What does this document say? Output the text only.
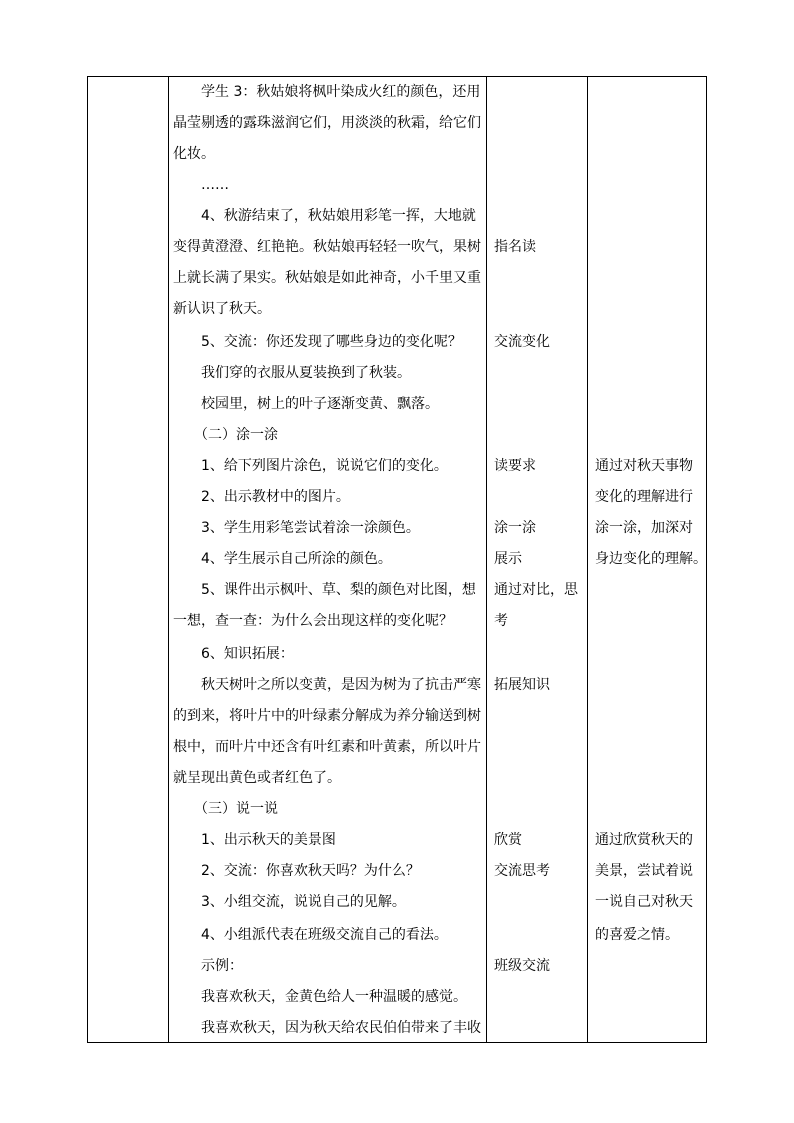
学生 3：秋姑娘将枫叶染成火红的颜色，还用
晶莹剔透的露珠滋润它们，用淡淡的秋霜，给它们
化妆。
……
4、秋游结束了，秋姑娘用彩笔一挥，大地就
变得黄澄澄、红艳艳。秋姑娘再轻轻一吹气，果树
上就长满了果实。秋姑娘是如此神奇，小千里又重
新认识了秋天。
5、交流：你还发现了哪些身边的变化呢？
我们穿的衣服从夏装换到了秋装。
校园里，树上的叶子逐渐变黄、飘落。
（二）涂一涂
1、给下列图片涂色，说说它们的变化。
2、出示教材中的图片。
3、学生用彩笔尝试着涂一涂颜色。
4、学生展示自己所涂的颜色。
5、课件出示枫叶、草、梨的颜色对比图，想
一想，查一查：为什么会出现这样的变化呢？
6、知识拓展：
秋天树叶之所以变黄，是因为树为了抗击严寒
的到来，将叶片中的叶绿素分解成为养分输送到树
根中，而叶片中还含有叶红素和叶黄素，所以叶片
就呈现出黄色或者红色了。
（三）说一说
1、出示秋天的美景图
2、交流：你喜欢秋天吗？为什么？
3、小组交流，说说自己的见解。
4、小组派代表在班级交流自己的看法。
示例：
我喜欢秋天，金黄色给人一种温暖的感觉。
我喜欢秋天，因为秋天给农民伯伯带来了丰收
指名读
交流变化
读要求
涂一涂
展示
通过对比，思
考
拓展知识
欣赏
交流思考
班级交流
通过对秋天事物
变化的理解进行
涂一涂，加深对
身边变化的理解。
通过欣赏秋天的
美景，尝试着说
一说自己对秋天
的喜爱之情。
